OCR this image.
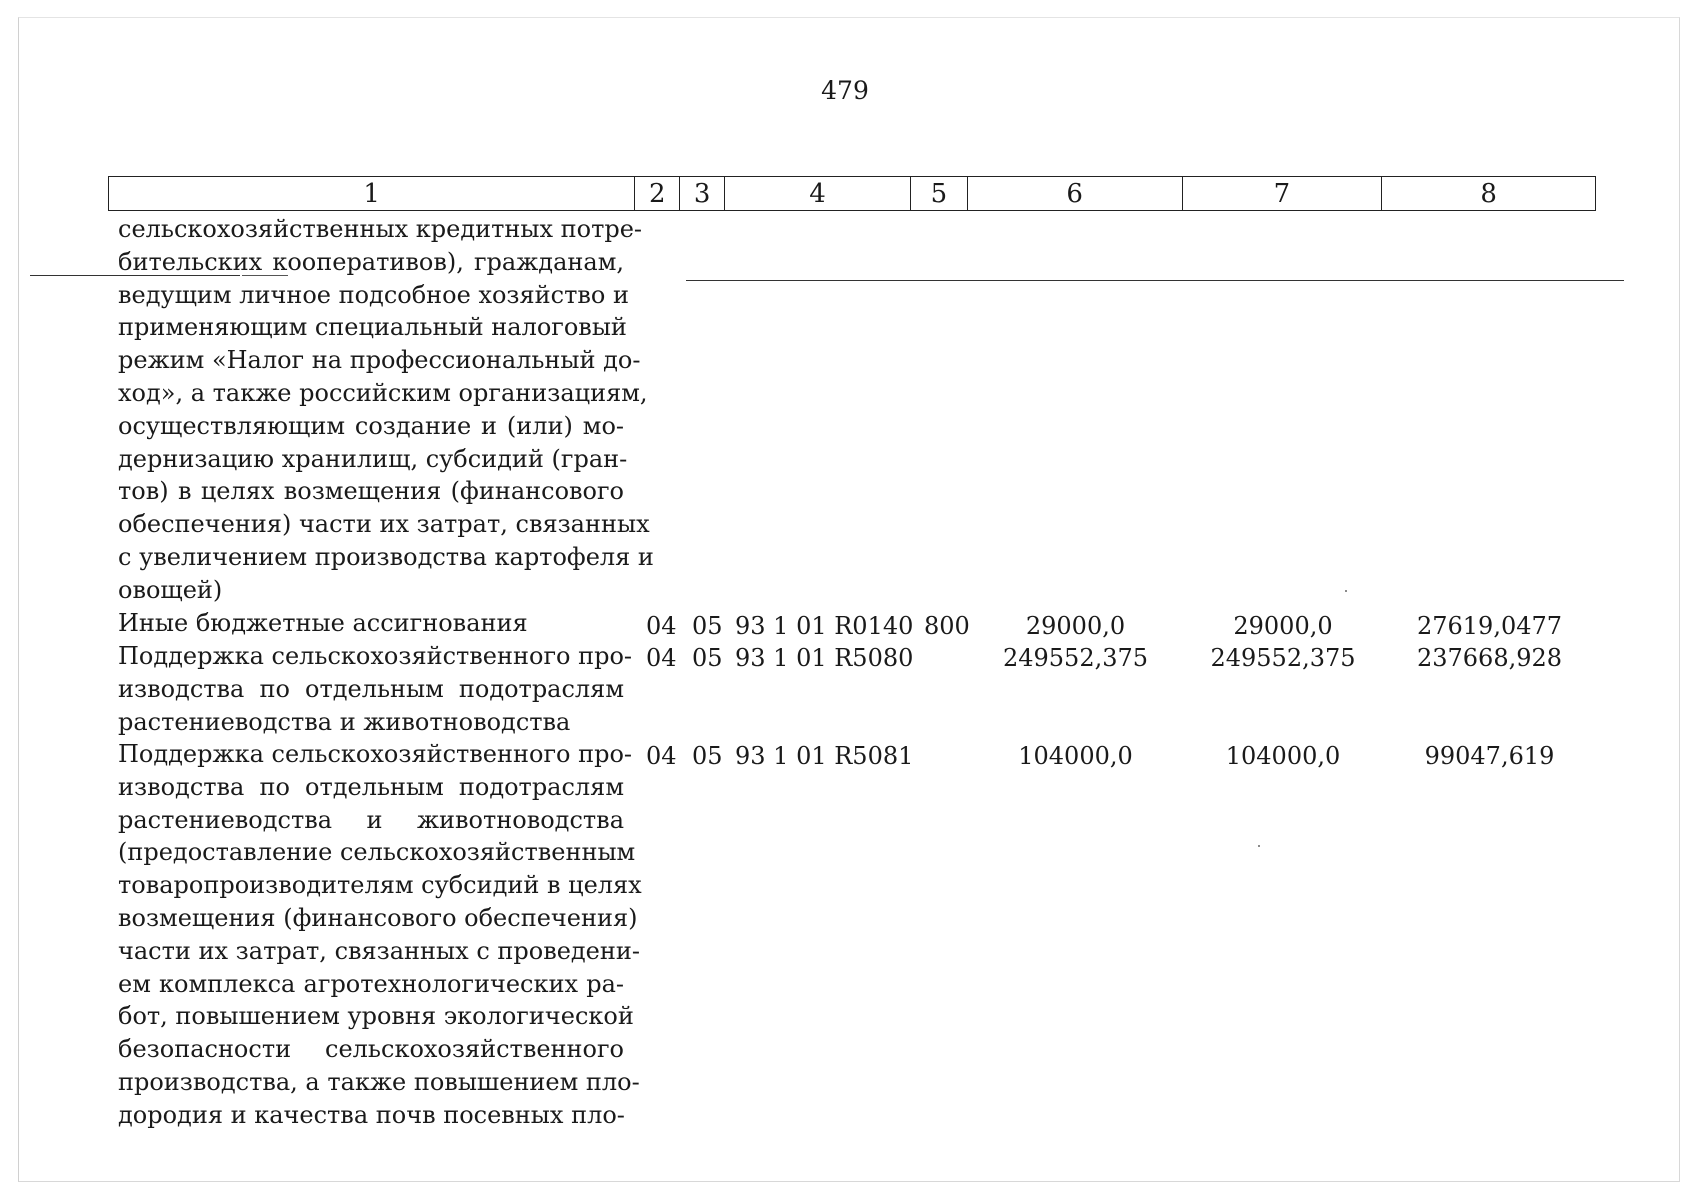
479
1	2	3	4	5	6	7	8
сельскохозяйственных кредитных потре-
бительских кооперативов), гражданам,
ведущим личное подсобное хозяйство и
применяющим специальный налоговый
режим «Налог на профессиональный до-
ход», а также российским организациям,
осуществляющим создание и (или) мо-
дернизацию хранилищ, субсидий (гран-
тов) в целях возмещения (финансового
обеспечения) части их затрат, связанных
с увеличением производства картофеля и
овощей)
Иные бюджетные ассигнования	04 05 93 1 01 R0140 800	29000,0	29000,0	27619,0477
Поддержка сельскохозяйственного про-
изводства по отдельным подотраслям
растениеводства и животноводства
04 05 93 1 01 R5080	249552,375	249552,375	237668,928
Поддержка сельскохозяйственного про-
изводства по отдельным подотраслям
растениеводства и животноводства
(предоставление сельскохозяйственным
товаропроизводителям субсидий в целях
возмещения (финансового обеспечения)
части их затрат, связанных с проведени-
ем комплекса агротехнологических ра-
бот, повышением уровня экологической
безопасности сельскохозяйственного
производства, а также повышением пло-
дородия и качества почв посевных пло-
04 05 93 1 01 R5081	104000,0	104000,0	99047,619
